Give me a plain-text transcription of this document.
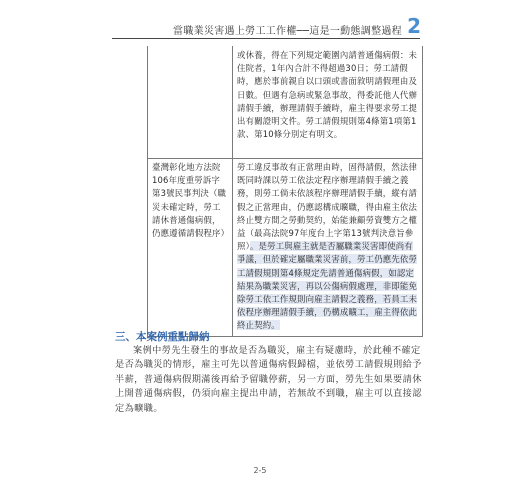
當職業災害遇上勞工工作權──這是一動態調整過程 2

	或休養，得在下列規定範圍內請普通傷病假：未住院者，1年內合計不得超過30日；勞工請假時，應於事前親自以口頭或書面敘明請假理由及日數。但遇有急病或緊急事故，得委託他人代辦請假手續，辦理請假手續時，雇主得要求勞工提出有關證明文件。勞工請假規則第4條第1項第1款、第10條分別定有明文。

臺灣彰化地方法院106年度重勞訴字第3號民事判決（職災未確定時，勞工請休普通傷病假，仍應遵循請假程序）	勞工違反事故有正當理由時，固得請假，然法律既同時課以勞工依法定程序辦理請假手續之義務，則勞工倘未依該程序辦理請假手續，縱有請假之正當理由，仍應認構成曠職，得由雇主依法終止雙方間之勞動契約，始能兼顧勞資雙方之權益（最高法院97年度台上字第13號判決意旨參照）。是勞工與雇主就是否屬職業災害即使尚有爭議，但於確定屬職業災害前，勞工仍應先依勞工請假規則第4條規定先請普通傷病假，如認定結果為職業災害，再以公傷病假處理，非即能免除勞工依工作規則向雇主請假之義務，若員工未依程序辦理請假手續，仍構成曠工，雇主得依此終止契約。
三、本案例重點歸納

案例中勞先生發生的事故是否為職災，雇主有疑慮時，於此種不確定是否為職災的情形，雇主可先以普通傷病假歸檔，並依勞工請假規則給予半薪，普通傷病假期滿後再給予留職停薪，另一方面，勞先生如果要請休上開普通傷病假，仍須向雇主提出申請，若無故不到職，雇主可以直接認定為曠職。

2-5
